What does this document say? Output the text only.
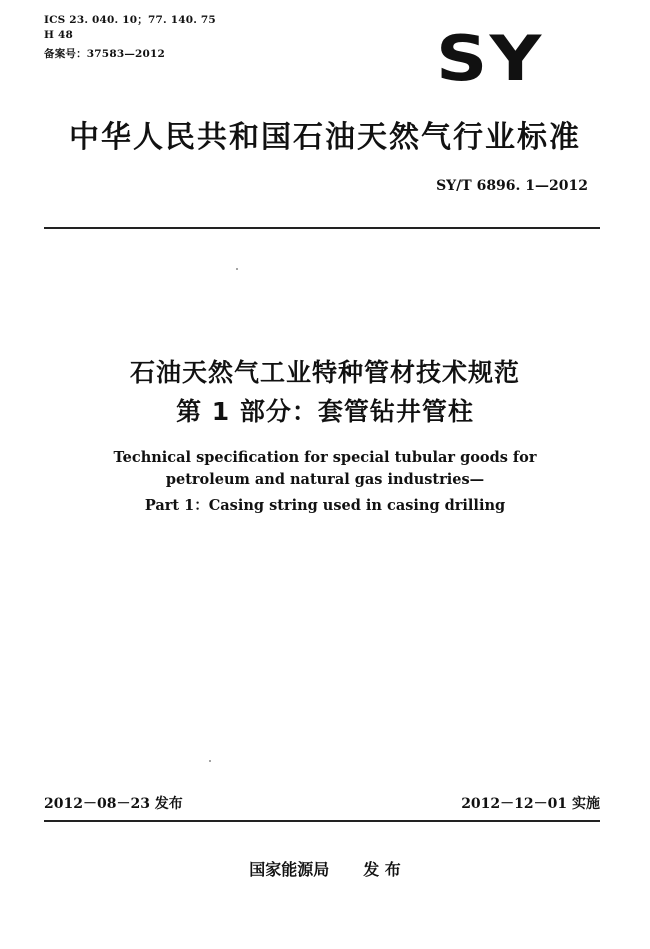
ICS 23. 040. 10；77. 140. 75
H 48
备案号：37583—2012	SY
中华人民共和国石油天然气行业标准
SY/T 6896. 1—2012
石油天然气工业特种管材技术规范
第 1 部分：套管钻井管柱
Technical specification for special tubular goods for
petroleum and natural gas industries—
Part 1：Casing string used in casing drilling
2012－08－23 发布	2012－12－01 实施
国家能源局 发 布
